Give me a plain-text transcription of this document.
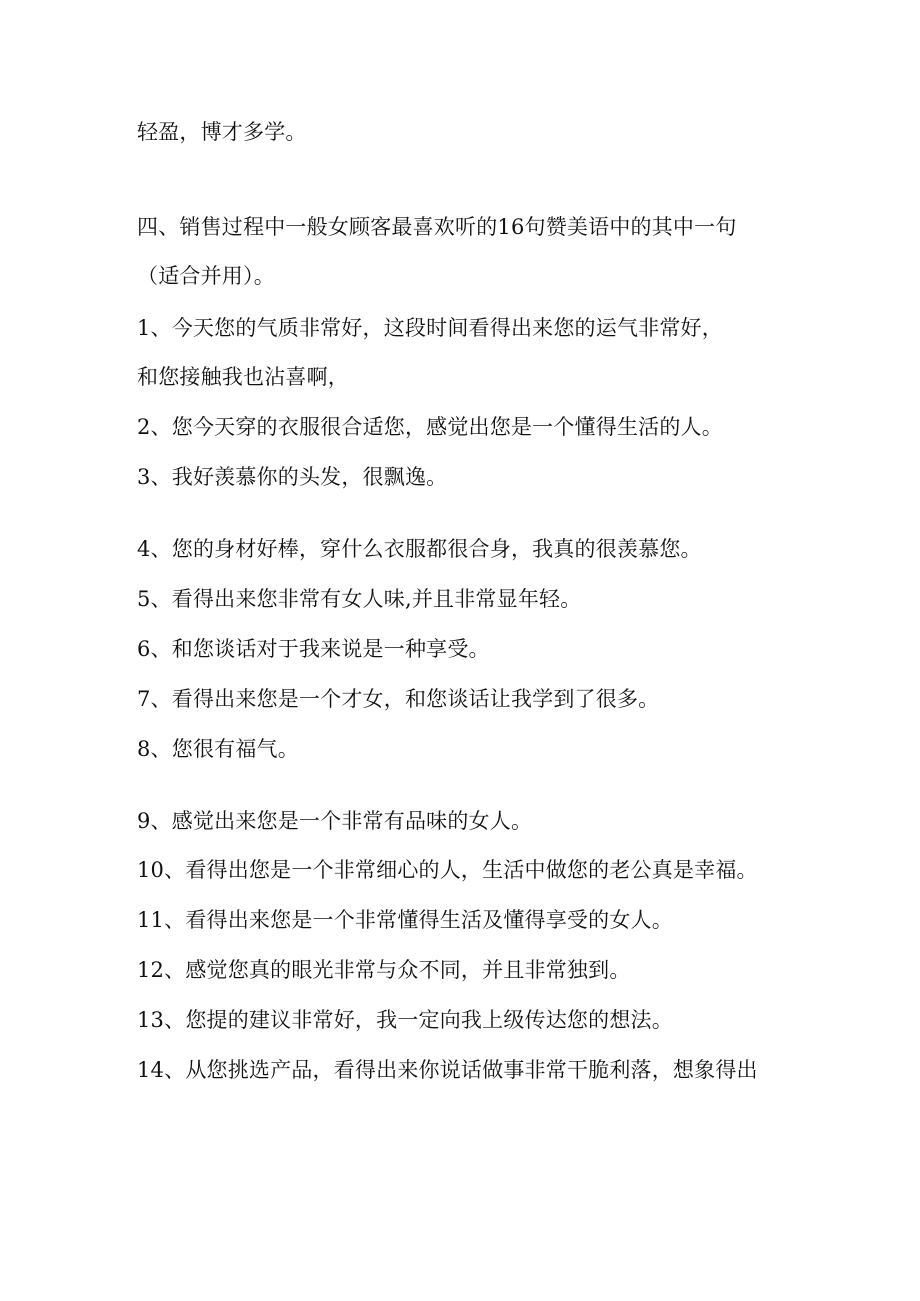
轻盈，博才多学。
四、销售过程中一般女顾客最喜欢听的16句赞美语中的其中一句
（适合并用）。
1、今天您的气质非常好，这段时间看得出来您的运气非常好，
和您接触我也沾喜啊，
2、您今天穿的衣服很合适您，感觉出您是一个懂得生活的人。
3、我好羡慕你的头发，很飘逸。
4、您的身材好棒，穿什么衣服都很合身，我真的很羡慕您。
5、看得出来您非常有女人味,并且非常显年轻。
6、和您谈话对于我来说是一种享受。
7、看得出来您是一个才女，和您谈话让我学到了很多。
8、您很有福气。
9、感觉出来您是一个非常有品味的女人。
10、看得出您是一个非常细心的人，生活中做您的老公真是幸福。
11、看得出来您是一个非常懂得生活及懂得享受的女人。
12、感觉您真的眼光非常与众不同，并且非常独到。
13、您提的建议非常好，我一定向我上级传达您的想法。
14、从您挑选产品，看得出来你说话做事非常干脆利落，想象得出
